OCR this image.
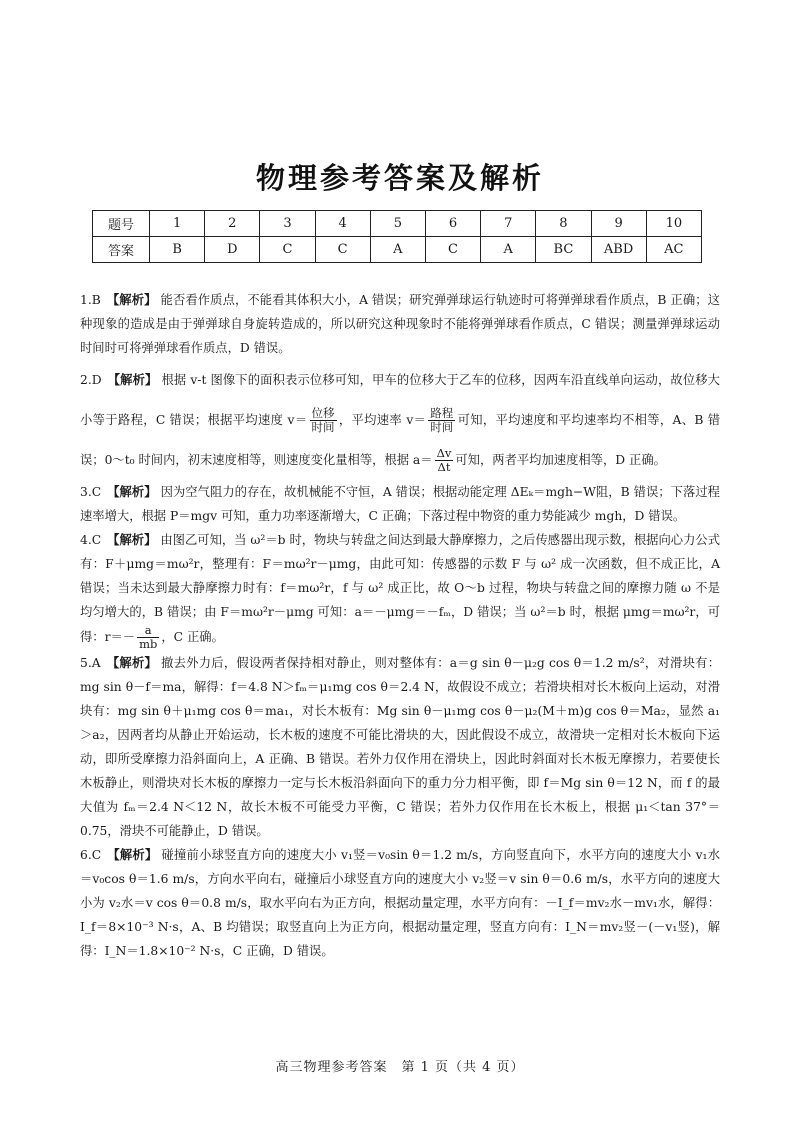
物理参考答案及解析
题号	1	2	3	4	5	6	7	8	9	10
答案	B	D	C	C	A	C	A	BC	ABD	AC

1.B 【解析】 能否看作质点，不能看其体积大小，A 错误；研究弹弹球运行轨迹时可将弹弹球看作质点，B 正确；这种现象的造成是由于弹弹球自身旋转造成的，所以研究这种现象时不能将弹弹球看作质点，C 错误；测量弹弹球运动时间时可将弹弹球看作质点，D 错误。

2.D 【解析】 根据 v-t 图像下的面积表示位移可知，甲车的位移大于乙车的位移，因两车沿直线单向运动，故位移大小等于路程，C 错误；根据平均速度 $v= \frac{\text{位移}}{\text{时间}}$ ，平均速率 $v= \frac{\text{路程}}{\text{时间}}$ 可知，平均速度和平均速率均不相等，A、B 错误；0～t₀ 时间内，初末速度相等，则速度变化量相等，根据 $a= \frac{\Delta v}{\Delta t}$ 可知，两者平均加速度相等，D 正确。

3.C 【解析】 因为空气阻力的存在，故机械能不守恒，A 错误；根据动能定理 ΔEₖ＝mgh−W阻，B 错误；下落过程速率增大，根据 P＝mgv 可知，重力功率逐渐增大，C 正确；下落过程中物资的重力势能减少 mgh，D 错误。

4.C 【解析】 由图乙可知，当 ω²＝b 时，物块与转盘之间达到最大静摩擦力，之后传感器出现示数，根据向心力公式有：F＋μmg＝mω²r，整理有：F＝mω²r－μmg，由此可知：传感器的示数 F 与 ω² 成一次函数，但不成正比，A 错误；当未达到最大静摩擦力时有：f＝mω²r，f 与 ω² 成正比，故 O～b 过程，物块与转盘之间的摩擦力随 ω 不是均匀增大的，B 错误；由 F＝mω²r－μmg 可知：a＝－μmg＝－fₘ，D 错误；当 ω²＝b 时，根据 μmg＝mω²r，可得：$r=- \frac{a}{mb}$ ，C 正确。

5.A 【解析】 撤去外力后，假设两者保持相对静止，则对整体有：a＝g sin θ－μ₂g cos θ＝1.2 m/s²，对滑块有：mg sin θ－f＝ma，解得：f＝4.8 N＞fₘ＝μ₁mg cos θ＝2.4 N，故假设不成立；若滑块相对长木板向上运动，对滑块有：mg sin θ＋μ₁mg cos θ＝ma₁，对长木板有：Mg sin θ－μ₁mg cos θ－μ₂(M＋m)g cos θ＝Ma₂，显然 a₁＞a₂，因两者均从静止开始运动，长木板的速度不可能比滑块的大，因此假设不成立，故滑块一定相对长木板向下运动，即所受摩擦力沿斜面向上，A 正确、B 错误。若外力仅作用在滑块上，因此时斜面对长木板无摩擦力，若要使长木板静止，则滑块对长木板的摩擦力一定与长木板沿斜面向下的重力分力相平衡，即 f＝Mg sin θ＝12 N，而 f 的最大值为 fₘ＝2.4 N＜12 N，故长木板不可能受力平衡，C 错误；若外力仅作用在长木板上，根据 μ₁＜tan 37°＝0.75，滑块不可能静止，D 错误。

6.C 【解析】 碰撞前小球竖直方向的速度大小 v₁竖＝v₀sin θ＝1.2 m/s，方向竖直向下，水平方向的速度大小 v₁水＝v₀cos θ＝1.6 m/s，方向水平向右，碰撞后小球竖直方向的速度大小 v₂竖＝v sin θ＝0.6 m/s，水平方向的速度大小为 v₂水＝v cos θ＝0.8 m/s，取水平向右为正方向，根据动量定理，水平方向有：－I_f＝mv₂水－mv₁水，解得：I_f＝8×10⁻³ N·s，A、B 均错误；取竖直向上为正方向，根据动量定理，竖直方向有：I_N＝mv₂竖－(－v₁竖)，解得：I_N＝1.8×10⁻² N·s，C 正确，D 错误。

高三物理参考答案　第 1 页（共 4 页）
